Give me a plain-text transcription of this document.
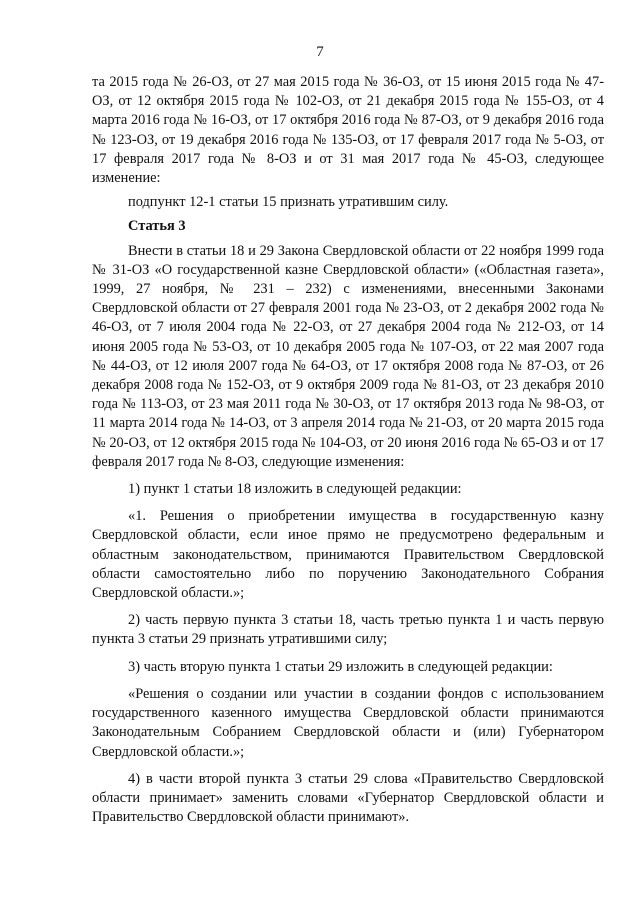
7

та 2015 года № 26-ОЗ, от 27 мая 2015 года № 36-ОЗ, от 15 июня 2015 года № 47-ОЗ, от 12 октября 2015 года № 102-ОЗ, от 21 декабря 2015 года № 155-ОЗ, от 4 марта 2016 года № 16-ОЗ, от 17 октября 2016 года № 87-ОЗ, от 9 декабря 2016 года № 123-ОЗ, от 19 декабря 2016 года № 135-ОЗ, от 17 февраля 2017 года № 5-ОЗ, от 17 февраля 2017 года № 8-ОЗ и от 31 мая 2017 года № 45-ОЗ, следующее изменение:

подпункт 12-1 статьи 15 признать утратившим силу.

Статья 3

Внести в статьи 18 и 29 Закона Свердловской области от 22 ноября 1999 года № 31-ОЗ «О государственной казне Свердловской области» («Областная газета», 1999, 27 ноября, № 231 – 232) с изменениями, внесенными Законами Свердловской области от 27 февраля 2001 года № 23-ОЗ, от 2 декабря 2002 года № 46-ОЗ, от 7 июля 2004 года № 22-ОЗ, от 27 декабря 2004 года № 212-ОЗ, от 14 июня 2005 года № 53-ОЗ, от 10 декабря 2005 года № 107-ОЗ, от 22 мая 2007 года № 44-ОЗ, от 12 июля 2007 года № 64-ОЗ, от 17 октября 2008 года № 87-ОЗ, от 26 декабря 2008 года № 152-ОЗ, от 9 октября 2009 года № 81-ОЗ, от 23 декабря 2010 года № 113-ОЗ, от 23 мая 2011 года № 30-ОЗ, от 17 октября 2013 года № 98-ОЗ, от 11 марта 2014 года № 14-ОЗ, от 3 апреля 2014 года № 21-ОЗ, от 20 марта 2015 года № 20-ОЗ, от 12 октября 2015 года № 104-ОЗ, от 20 июня 2016 года № 65-ОЗ и от 17 февраля 2017 года № 8-ОЗ, следующие изменения:

1) пункт 1 статьи 18 изложить в следующей редакции:

«1. Решения о приобретении имущества в государственную казну Свердловской области, если иное прямо не предусмотрено федеральным и областным законодательством, принимаются Правительством Свердловской области самостоятельно либо по поручению Законодательного Собрания Свердловской области.»;

2) часть первую пункта 3 статьи 18, часть третью пункта 1 и часть первую пункта 3 статьи 29 признать утратившими силу;

3) часть вторую пункта 1 статьи 29 изложить в следующей редакции:

«Решения о создании или участии в создании фондов с использованием государственного казенного имущества Свердловской области принимаются Законодательным Собранием Свердловской области и (или) Губернатором Свердловской области.»;

4) в части второй пункта 3 статьи 29 слова «Правительство Свердловской области принимает» заменить словами «Губернатор Свердловской области и Правительство Свердловской области принимают».
